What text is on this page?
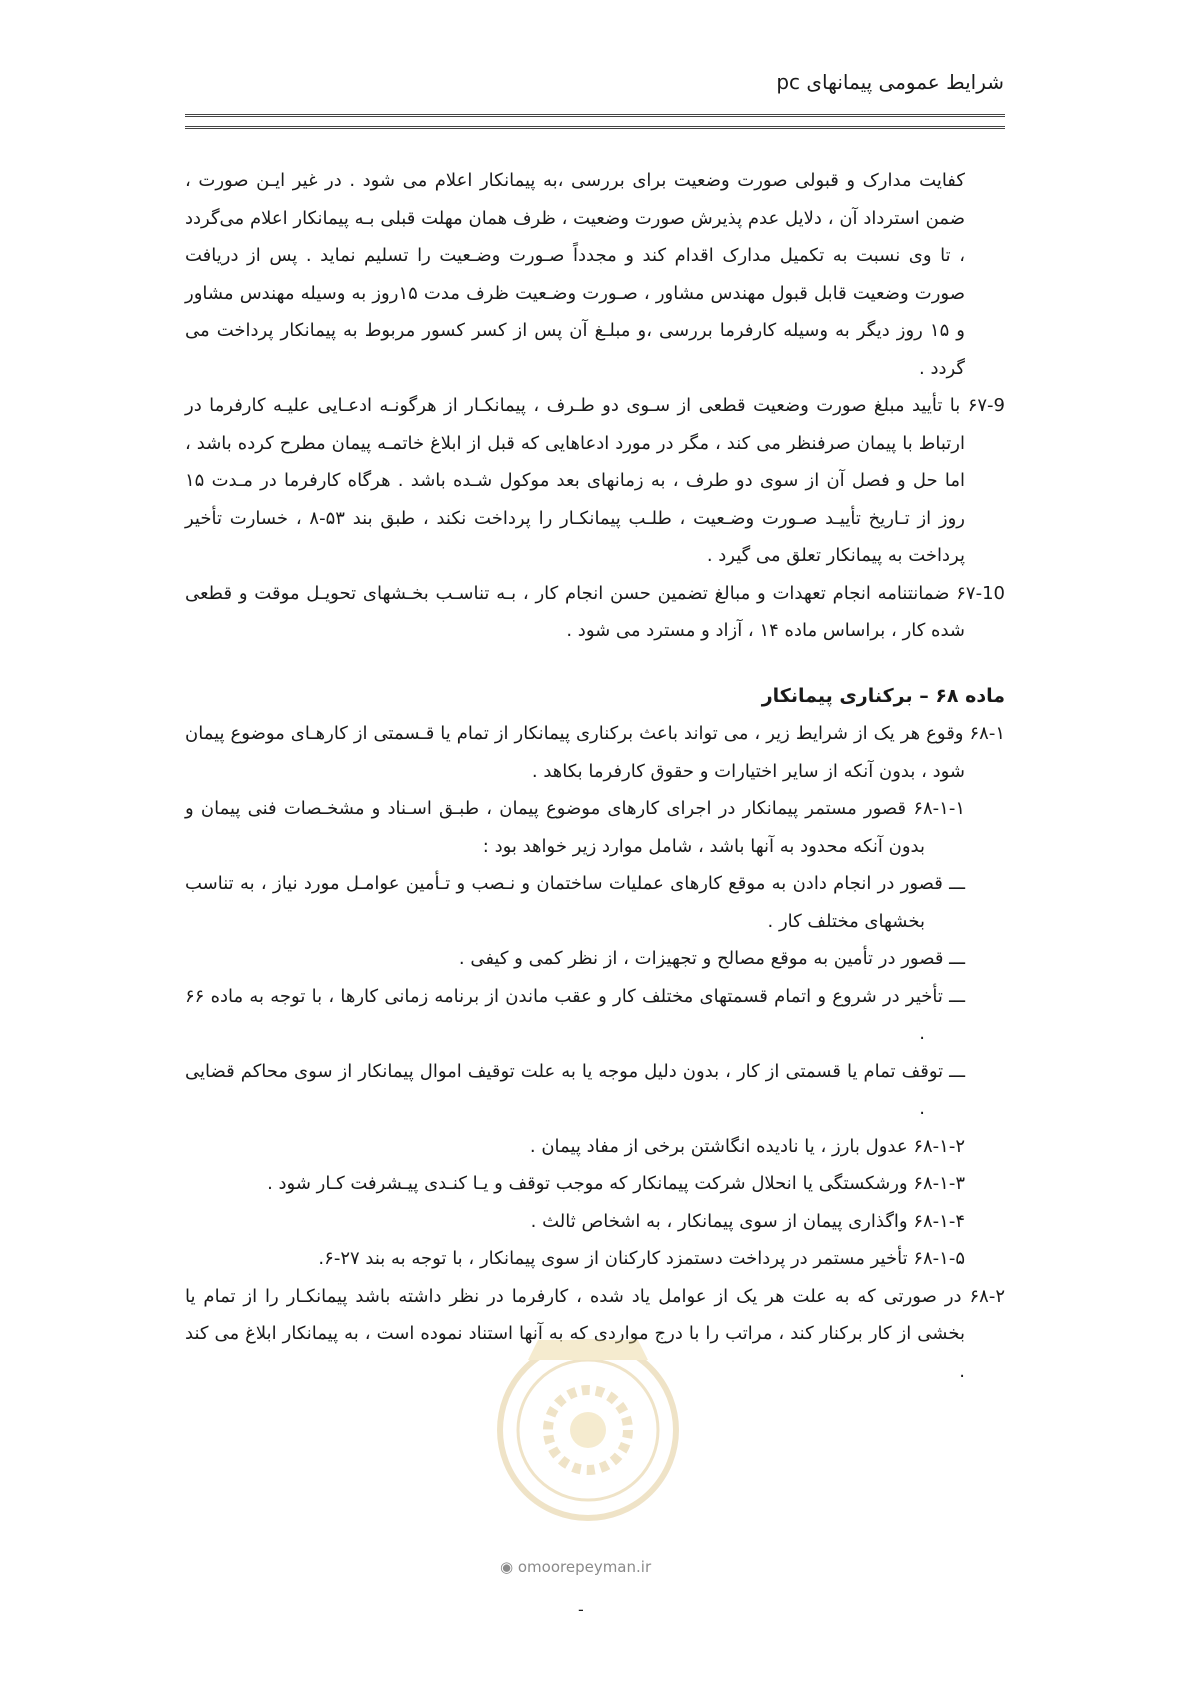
شرایط عمومی پیمانهای pc

کفایت مدارک و قبولی صورت وضعیت برای بررسی ،به پیمانکار اعلام می شود . در غیر ایـن صورت ، ضمن استرداد آن ، دلایل عدم پذیرش صورت وضعیت ، ظرف همان مهلت قبلی بـه پیمانکار اعلام می‌گردد ، تا وی نسبت به تکمیل مدارک اقدام کند و مجدداً صـورت وضـعیت را تسلیم نماید . پس از دریافت صورت وضعیت قابل قبول مهندس مشاور ، صـورت وضـعیت ظرف مدت ۱۵روز به وسیله مهندس مشاور و ۱۵ روز دیگر به وسیله کارفرما بررسی ،و مبلـغ آن پس از کسر کسور مربوط به پیمانکار پرداخت می گردد .

۶۷-9 با تأیید مبلغ صورت وضعیت قطعی از سـوی دو طـرف ، پیمانکـار از هرگونـه ادعـایی علیـه کارفرما در ارتباط با پیمان صرفنظر می کند ، مگر در مورد ادعاهایی که قبل از ابلاغ خاتمـه پیمان مطرح کرده باشد ، اما حل و فصل آن از سوی دو طرف ، به زمانهای بعد موکول شـده باشد . هرگاه کارفرما در مـدت ۱۵ روز از تـاریخ تأییـد صـورت وضـعیت ، طلـب پیمانکـار را پرداخت نکند ، طبق بند ۵۳-۸ ، خسارت تأخیر پرداخت به پیمانکار تعلق می گیرد .

۶۷-10 ضمانتنامه انجام تعهدات و مبالغ تضمین حسن انجام کار ، بـه تناسـب بخـشهای تحویـل موقت و قطعی شده کار ، براساس ماده ۱۴ ، آزاد و مسترد می شود .

ماده ۶۸ – برکناری پیمانکار

۶۸-۱ وقوع هر یک از شرایط زیر ، می تواند باعث برکناری پیمانکار از تمام یا قـسمتی از کارهـای موضوع پیمان شود ، بدون آنکه از سایر اختیارات و حقوق کارفرما بکاهد .

۶۸-۱-۱ قصور مستمر پیمانکار در اجرای کارهای موضوع پیمان ، طبـق اسـناد و مشخـصات فنی پیمان و بدون آنکه محدود به آنها باشد ، شامل موارد زیر خواهد بود :

ـــ قصور در انجام دادن به موقع کارهای عملیات ساختمان و نـصب و تـأمین عوامـل مورد نیاز ، به تناسب بخشهای مختلف کار .

ـــ قصور در تأمین به موقع مصالح و تجهیزات ، از نظر کمی و کیفی .

ـــ تأخیر در شروع و اتمام قسمتهای مختلف کار و عقب ماندن از برنامه زمانی کارها ، با توجه به ماده ۶۶ .

ـــ توقف تمام یا قسمتی از کار ، بدون دلیل موجه یا به علت توقیف اموال پیمانکار از سوی محاکم قضایی .

۶۸-۱-۲ عدول بارز ، یا نادیده انگاشتن برخی از مفاد پیمان .

۶۸-۱-۳ ورشکستگی یا انحلال شرکت پیمانکار که موجب توقف و یـا کنـدی پیـشرفت کـار شود .

۶۸-۱-۴ واگذاری پیمان از سوی پیمانکار ، به اشخاص ثالث .

۶۸-۱-۵ تأخیر مستمر در پرداخت دستمزد کارکنان از سوی پیمانکار ، با توجه به بند ۲۷-۶.

۶۸-۲ در صورتی که به علت هر یک از عوامل یاد شده ، کارفرما در نظر داشته باشد پیمانکـار را از تمام یا بخشی از کار برکنار کند ، مراتب را با درج مواردی که به آنها استناد نموده است ، به پیمانکار ابلاغ می کند .

◉ omoorepeyman.ir
-
